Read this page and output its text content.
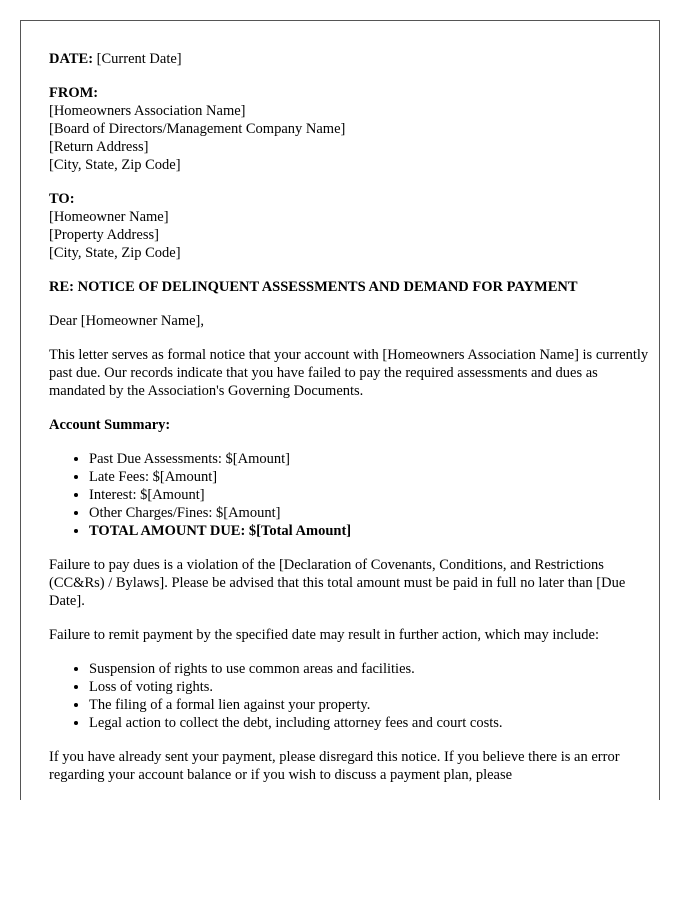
DATE: [Current Date]

FROM:
[Homeowners Association Name]
[Board of Directors/Management Company Name]
[Return Address]
[City, State, Zip Code]
TO:
[Homeowner Name]
[Property Address]
[City, State, Zip Code]

RE: NOTICE OF DELINQUENT ASSESSMENTS AND DEMAND FOR PAYMENT

Dear [Homeowner Name],

This letter serves as formal notice that your account with [Homeowners Association Name] is currently past due. Our records indicate that you have failed to pay the required assessments and dues as mandated by the Association's Governing Documents.

Account Summary:

• Past Due Assessments: $[Amount]
• Late Fees: $[Amount]
• Interest: $[Amount]
• Other Charges/Fines: $[Amount]
• TOTAL AMOUNT DUE: $[Total Amount]

Failure to pay dues is a violation of the [Declaration of Covenants, Conditions, and Restrictions (CC&Rs) / Bylaws]. Please be advised that this total amount must be paid in full no later than [Due Date].

Failure to remit payment by the specified date may result in further action, which may include:

• Suspension of rights to use common areas and facilities.
• Loss of voting rights.
• The filing of a formal lien against your property.
• Legal action to collect the debt, including attorney fees and court costs.

If you have already sent your payment, please disregard this notice. If you believe there is an error regarding your account balance or if you wish to discuss a payment plan, please
